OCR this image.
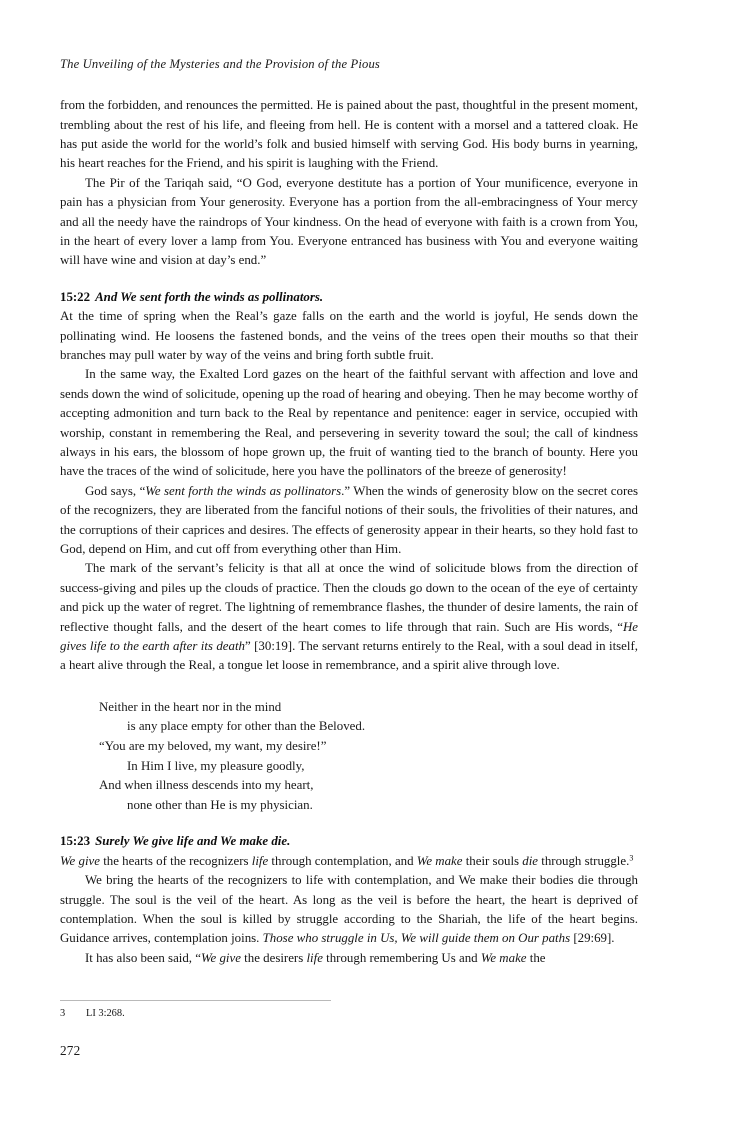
The Unveiling of the Mysteries and the Provision of the Pious

from the forbidden, and renounces the permitted. He is pained about the past, thoughtful in the present moment, trembling about the rest of his life, and fleeing from hell. He is content with a morsel and a tattered cloak. He has put aside the world for the world’s folk and busied himself with serving God. His body burns in yearning, his heart reaches for the Friend, and his spirit is laughing with the Friend.

The Pir of the Tariqah said, “O God, everyone destitute has a portion of Your munificence, everyone in pain has a physician from Your generosity. Everyone has a portion from the all-embracingness of Your mercy and all the needy have the raindrops of Your kindness. On the head of everyone with faith is a crown from You, in the heart of every lover a lamp from You. Everyone entranced has business with You and everyone waiting will have wine and vision at day’s end.”

15:22 And We sent forth the winds as pollinators.

At the time of spring when the Real’s gaze falls on the earth and the world is joyful, He sends down the pollinating wind. He loosens the fastened bonds, and the veins of the trees open their mouths so that their branches may pull water by way of the veins and bring forth subtle fruit.

In the same way, the Exalted Lord gazes on the heart of the faithful servant with affection and love and sends down the wind of solicitude, opening up the road of hearing and obeying. Then he may become worthy of accepting admonition and turn back to the Real by repentance and penitence: eager in service, occupied with worship, constant in remembering the Real, and persevering in severity toward the soul; the call of kindness always in his ears, the blossom of hope grown up, the fruit of wanting tied to the branch of bounty. Here you have the traces of the wind of solicitude, here you have the pollinators of the breeze of generosity!

God says, “We sent forth the winds as pollinators.” When the winds of generosity blow on the secret cores of the recognizers, they are liberated from the fanciful notions of their souls, the frivolities of their natures, and the corruptions of their caprices and desires. The effects of generosity appear in their hearts, so they hold fast to God, depend on Him, and cut off from everything other than Him.

The mark of the servant’s felicity is that all at once the wind of solicitude blows from the direction of success-giving and piles up the clouds of practice. Then the clouds go down to the ocean of the eye of certainty and pick up the water of regret. The lightning of remembrance flashes, the thunder of desire laments, the rain of reflective thought falls, and the desert of the heart comes to life through that rain. Such are His words, “He gives life to the earth after its death” [30:19]. The servant returns entirely to the Real, with a soul dead in itself, a heart alive through the Real, a tongue let loose in remembrance, and a spirit alive through love.

Neither in the heart nor in the mind
is any place empty for other than the Beloved.
“You are my beloved, my want, my desire!”
In Him I live, my pleasure goodly,
And when illness descends into my heart,
none other than He is my physician.
15:23 Surely We give life and We make die.

We give the hearts of the recognizers life through contemplation, and We make their souls die through struggle.$^3$

We bring the hearts of the recognizers to life with contemplation, and We make their bodies die through struggle. The soul is the veil of the heart. As long as the veil is before the heart, the heart is deprived of contemplation. When the soul is killed by struggle according to the Shariah, the life of the heart begins. Guidance arrives, contemplation joins. Those who struggle in Us, We will guide them on Our paths [29:69].

It has also been said, “We give the desirers life through remembering Us and We make the

3 LI 3:268.
272
